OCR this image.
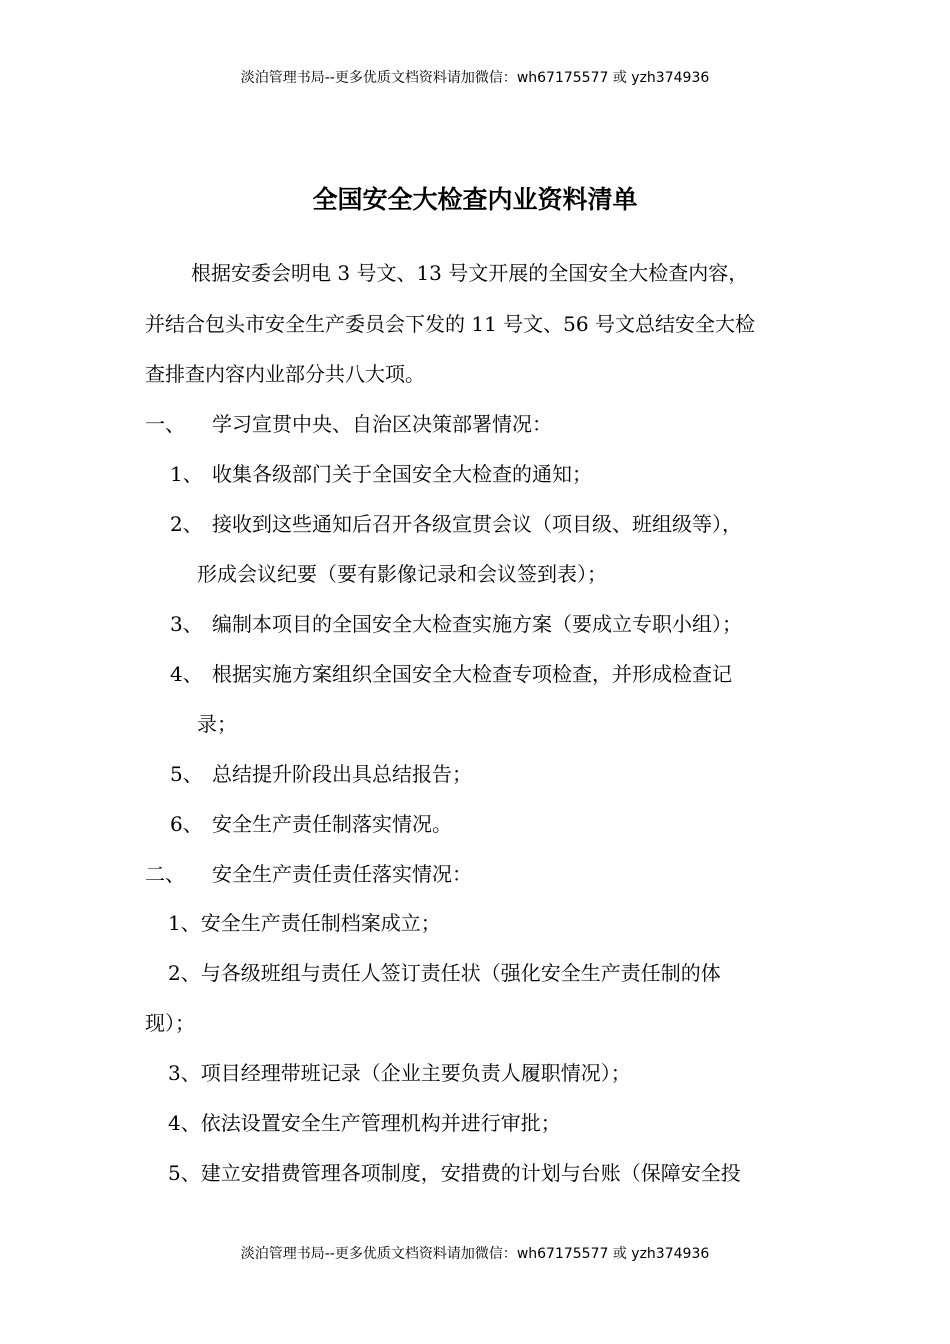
淡泊管理书局--更多优质文档资料请加微信：wh67175577 或 yzh374936
全国安全大检查内业资料清单
根据安委会明电 3 号文、13 号文开展的全国安全大检查内容，
并结合包头市安全生产委员会下发的 11 号文、56 号文总结安全大检
查排查内容内业部分共八大项。
一、 学习宣贯中央、自治区决策部署情况：
1、 收集各级部门关于全国安全大检查的通知；
2、 接收到这些通知后召开各级宣贯会议（项目级、班组级等），
形成会议纪要（要有影像记录和会议签到表）；
3、 编制本项目的全国安全大检查实施方案（要成立专职小组）；
4、 根据实施方案组织全国安全大检查专项检查，并形成检查记
录；
5、 总结提升阶段出具总结报告；
6、 安全生产责任制落实情况。
二、 安全生产责任责任落实情况：
1、安全生产责任制档案成立；
2、与各级班组与责任人签订责任状（强化安全生产责任制的体
现）；
3、项目经理带班记录（企业主要负责人履职情况）；
4、依法设置安全生产管理机构并进行审批；
5、建立安措费管理各项制度，安措费的计划与台账（保障安全投
淡泊管理书局--更多优质文档资料请加微信：wh67175577 或 yzh374936
